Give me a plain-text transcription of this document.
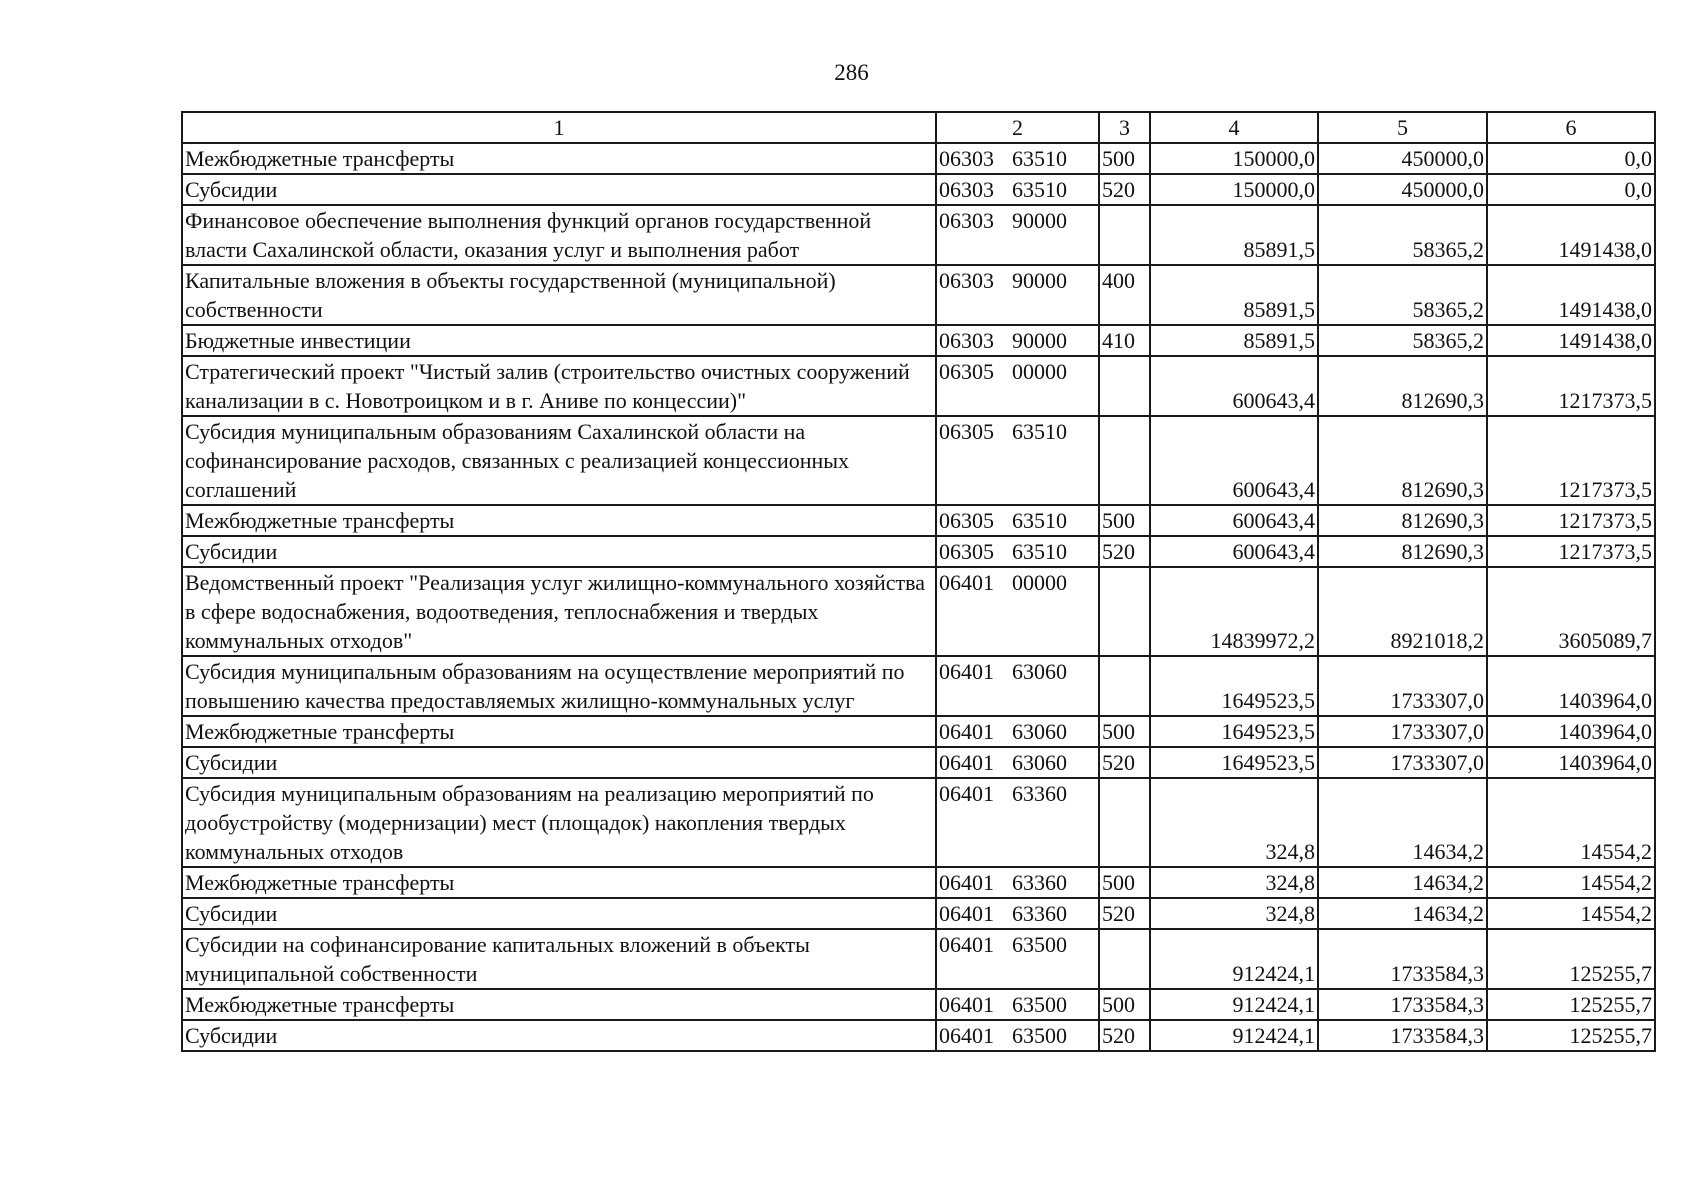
286
1	2	3	4	5	6
Межбюджетные трансферты	06303 63510	500	150000,0	450000,0	0,0
Субсидии	06303 63510	520	150000,0	450000,0	0,0
Финансовое обеспечение выполнения функций органов государственной власти Сахалинской области, оказания услуг и выполнения работ	06303 90000		85891,5	58365,2	1491438,0
Капитальные вложения в объекты государственной (муниципальной) собственности	06303 90000	400	85891,5	58365,2	1491438,0
Бюджетные инвестиции	06303 90000	410	85891,5	58365,2	1491438,0
Стратегический проект "Чистый залив (строительство очистных сооружений канализации в с. Новотроицком и в г. Аниве по концессии)"	06305 00000		600643,4	812690,3	1217373,5
Субсидия муниципальным образованиям Сахалинской области на софинансирование расходов, связанных с реализацией концессионных соглашений	06305 63510		600643,4	812690,3	1217373,5
Межбюджетные трансферты	06305 63510	500	600643,4	812690,3	1217373,5
Субсидии	06305 63510	520	600643,4	812690,3	1217373,5
Ведомственный проект "Реализация услуг жилищно-коммунального хозяйства в сфере водоснабжения, водоотведения, теплоснабжения и твердых коммунальных отходов"	06401 00000		14839972,2	8921018,2	3605089,7
Субсидия муниципальным образованиям на осуществление мероприятий по повышению качества предоставляемых жилищно-коммунальных услуг	06401 63060		1649523,5	1733307,0	1403964,0
Межбюджетные трансферты	06401 63060	500	1649523,5	1733307,0	1403964,0
Субсидии	06401 63060	520	1649523,5	1733307,0	1403964,0
Субсидия муниципальным образованиям на реализацию мероприятий по дообустройству (модернизации) мест (площадок) накопления твердых коммунальных отходов	06401 63360		324,8	14634,2	14554,2
Межбюджетные трансферты	06401 63360	500	324,8	14634,2	14554,2
Субсидии	06401 63360	520	324,8	14634,2	14554,2
Субсидии на софинансирование капитальных вложений в объекты муниципальной собственности	06401 63500		912424,1	1733584,3	125255,7
Межбюджетные трансферты	06401 63500	500	912424,1	1733584,3	125255,7
Субсидии	06401 63500	520	912424,1	1733584,3	125255,7
